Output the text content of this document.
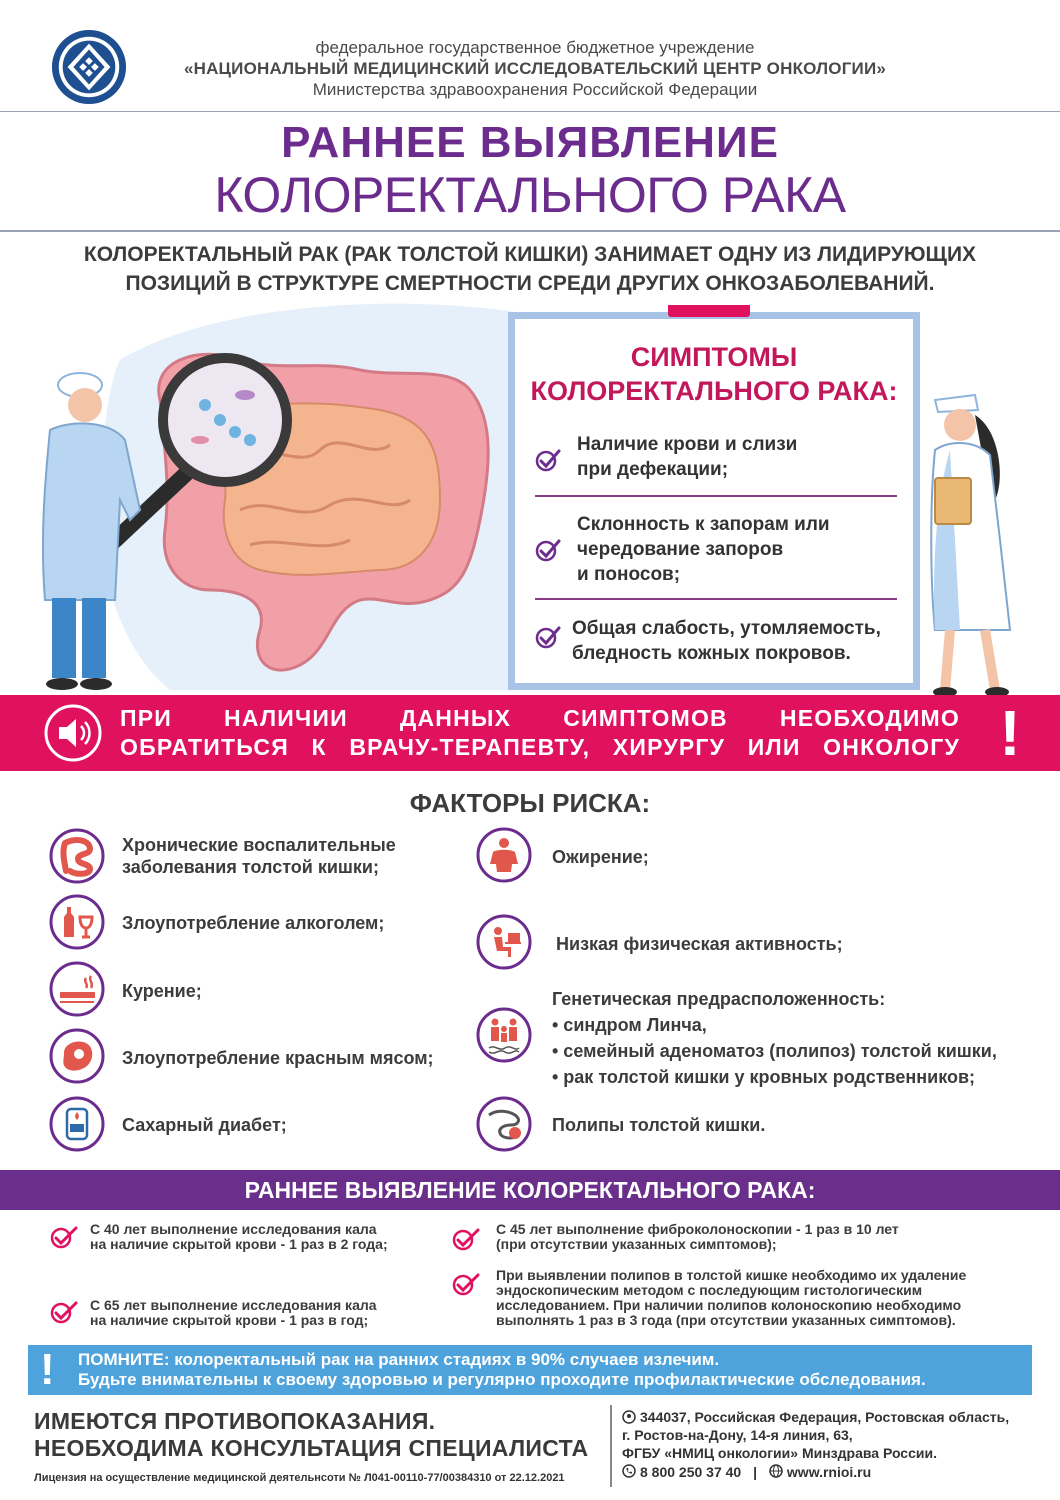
федеральное государственное бюджетное учреждение
«НАЦИОНАЛЬНЫЙ МЕДИЦИНСКИЙ ИССЛЕДОВАТЕЛЬСКИЙ ЦЕНТР ОНКОЛОГИИ»
Министерства здравоохранения Российской Федерации
РАННЕЕ ВЫЯВЛЕНИЕ
КОЛОРЕКТАЛЬНОГО РАКА
КОЛОРЕКТАЛЬНЫЙ РАК (РАК ТОЛСТОЙ КИШКИ) ЗАНИМАЕТ ОДНУ ИЗ ЛИДИРУЮЩИХ
ПОЗИЦИЙ В СТРУКТУРЕ СМЕРТНОСТИ СРЕДИ ДРУГИХ ОНКОЗАБОЛЕВАНИЙ.
СИМПТОМЫ
КОЛОРЕКТАЛЬНОГО РАКА:
Наличие крови и слизи
при дефекации;
Склонность к запорам или
чередование запоров
и поносов;
Общая слабость, утомляемость,
бледность кожных покровов.
ПРИ НАЛИЧИИ ДАННЫХ СИМПТОМОВ НЕОБХОДИМО
ОБРАТИТЬСЯ К ВРАЧУ-ТЕРАПЕВТУ, ХИРУРГУ ИЛИ ОНКОЛОГУ !
ФАКТОРЫ РИСКА:
Хронические воспалительные
заболевания толстой кишки;
Злоупотребление алкоголем;
Курение;
Злоупотребление красным мясом;
Сахарный диабет;
Ожирение;
Низкая физическая активность;
Генетическая предрасположенность:
• синдром Линча,
• семейный аденоматоз (полипоз) толстой кишки,
• рак толстой кишки у кровных родственников;
Полипы толстой кишки.
РАННЕЕ ВЫЯВЛЕНИЕ КОЛОРЕКТАЛЬНОГО РАКА:
С 40 лет выполнение исследования кала
на наличие скрытой крови - 1 раз в 2 года;
С 65 лет выполнение исследования кала
на наличие скрытой крови - 1 раз в год;
С 45 лет выполнение фиброколоноскопии - 1 раз в 10 лет
(при отсутствии указанных симптомов);
При выявлении полипов в толстой кишке необходимо их удаление
эндоскопическим методом с последующим гистологическим
исследованием. При наличии полипов колоноскопию необходимо
выполнять 1 раз в 3 года (при отсутствии указанных симптомов).
! ПОМНИТЕ: колоректальный рак на ранних стадиях в 90% случаев излечим.
Будьте внимательны к своему здоровью и регулярно проходите профилактические обследования.
ИМЕЮТСЯ ПРОТИВОПОКАЗАНИЯ.
НЕОБХОДИМА КОНСУЛЬТАЦИЯ СПЕЦИАЛИСТА
Лицензия на осуществление медицинской деятельнсоти № Л041-00110-77/00384310 от 22.12.2021
344037, Российская Федерация, Ростовская область,
г. Ростов-на-Дону, 14-я линия, 63,
ФГБУ «НМИЦ онкологии» Минздрава России.
8 800 250 37 40 | www.rnioi.ru
